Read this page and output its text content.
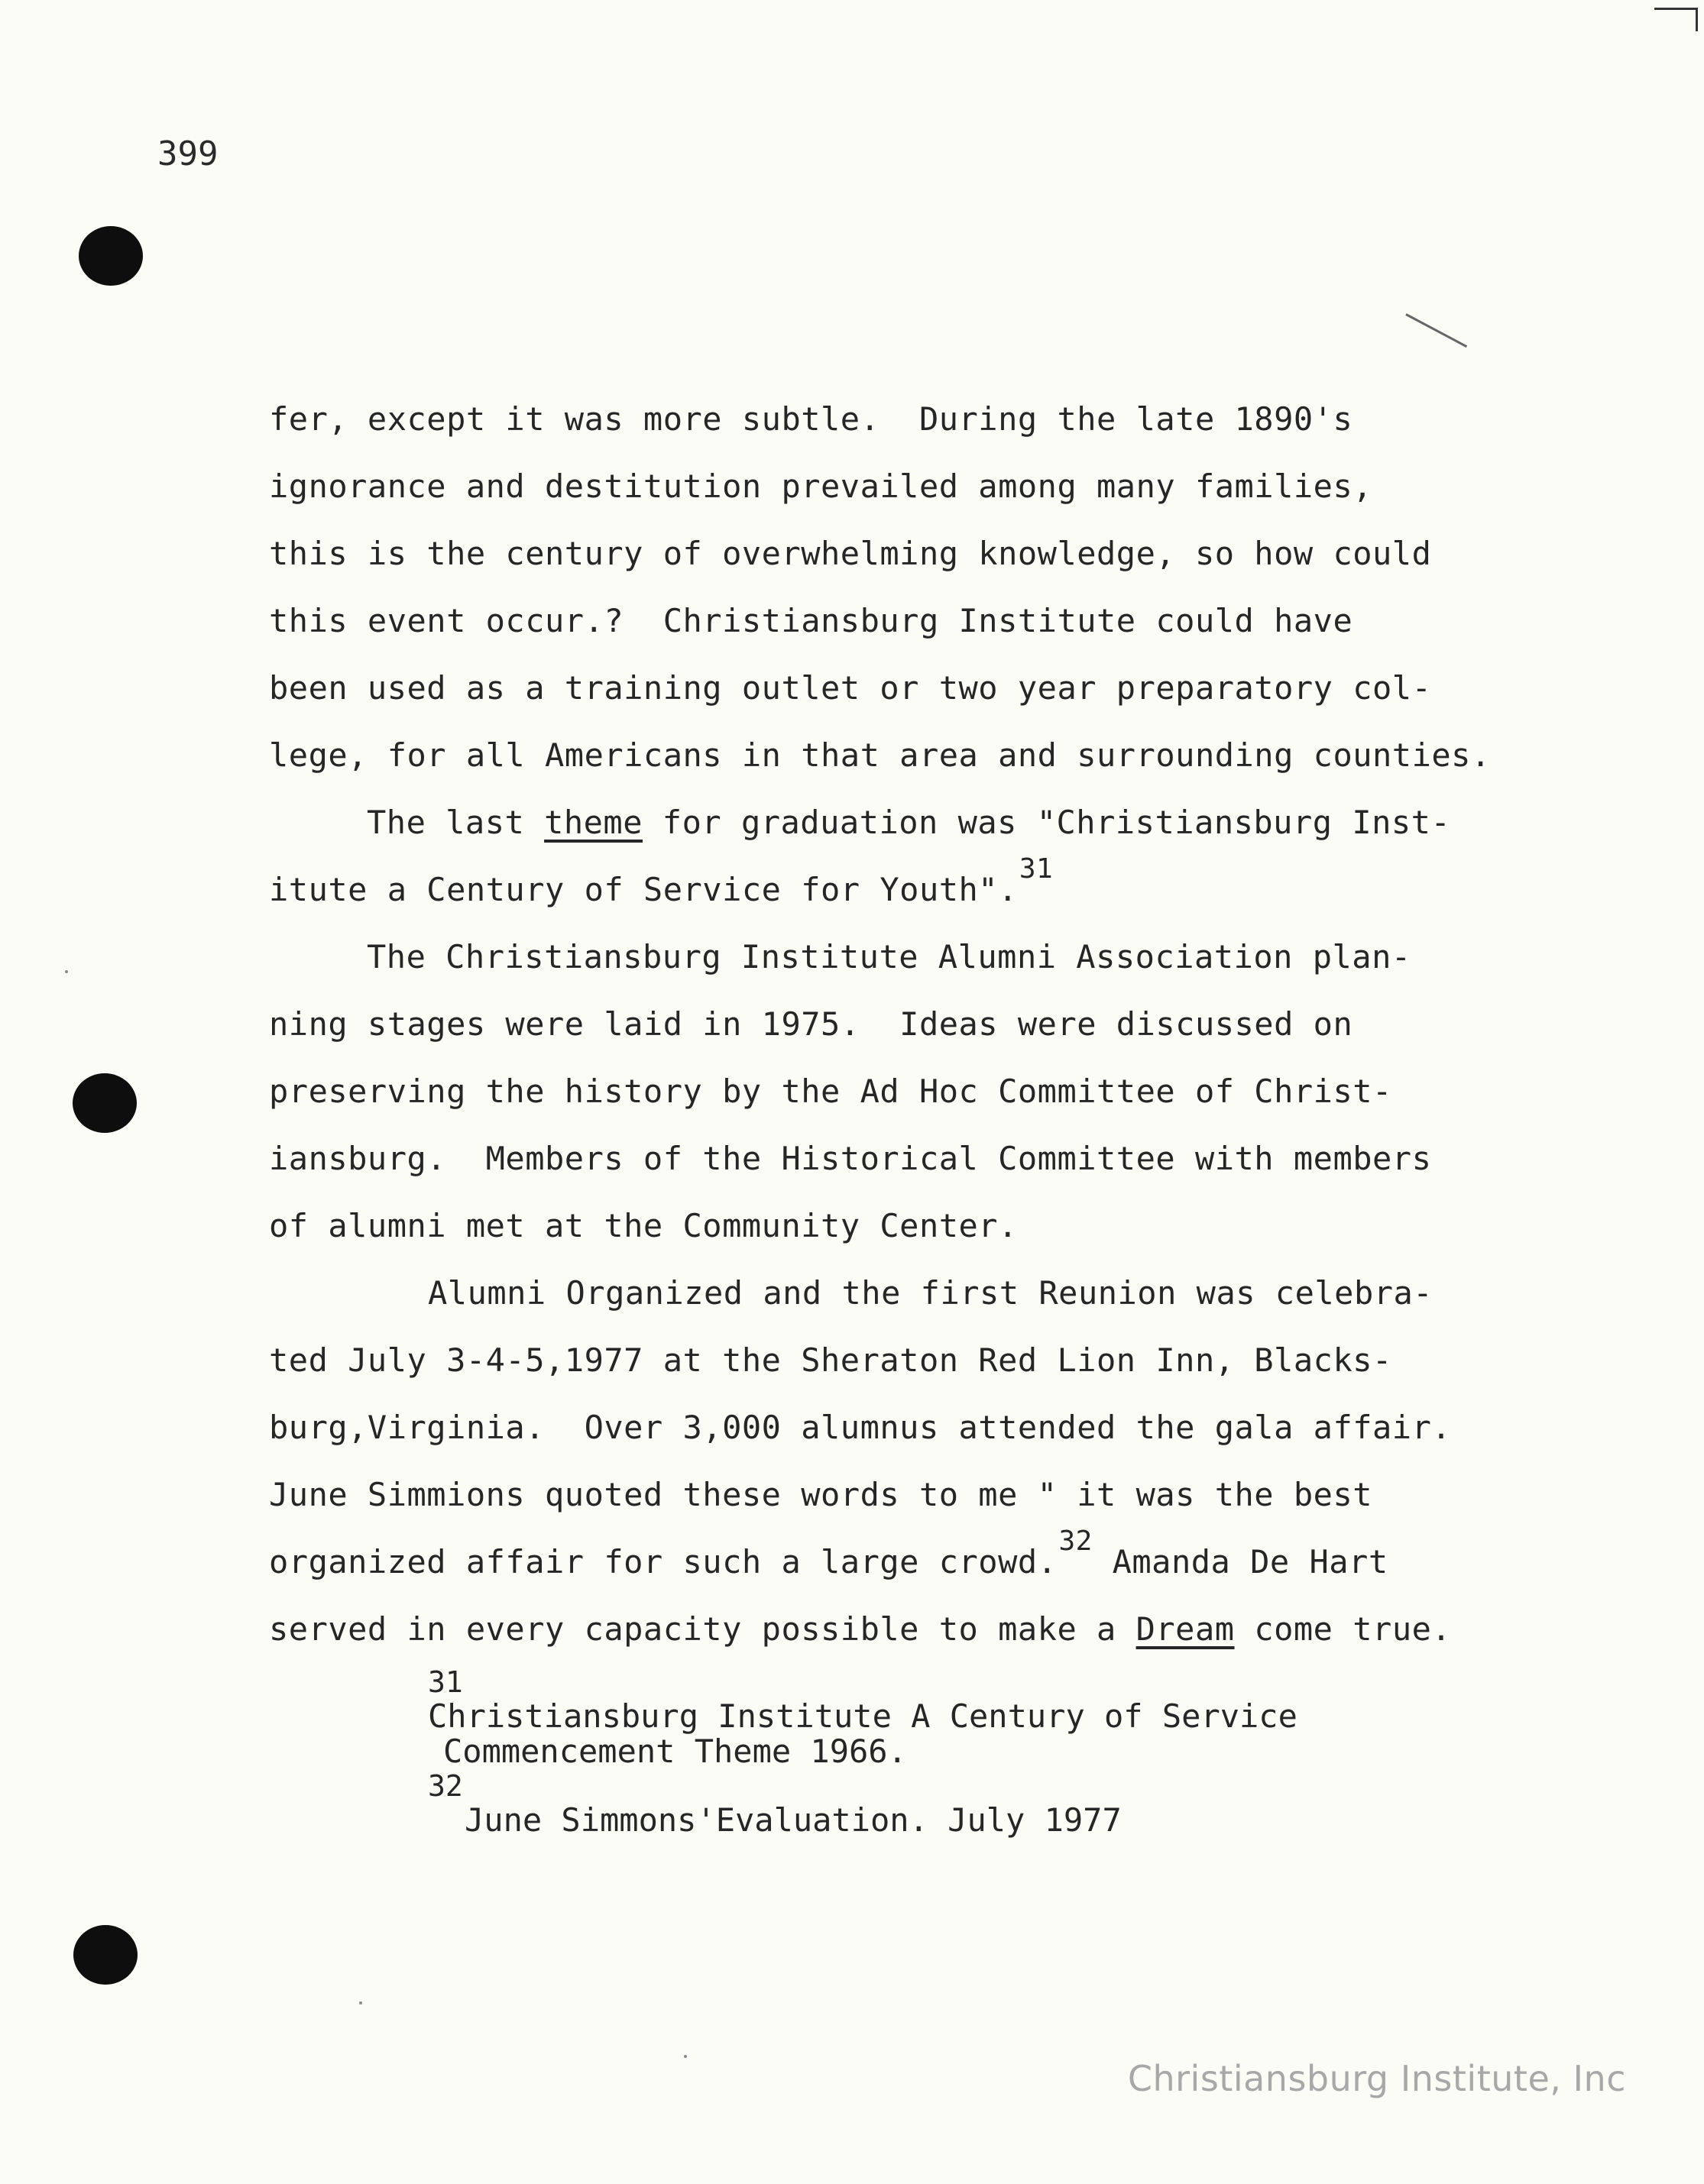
399
fer, except it was more subtle.  During the late 1890's
ignorance and destitution prevailed among many families,
this is the century of overwhelming knowledge, so how could
this event occur.?  Christiansburg Institute could have
been used as a training outlet or two year preparatory col-
lege, for all Americans in that area and surrounding counties.
The last theme for graduation was "Christiansburg Inst-
itute a Century of Service for Youth".31
The Christiansburg Institute Alumni Association plan-
ning stages were laid in 1975.  Ideas were discussed on
preserving the history by the Ad Hoc Committee of Christ-
iansburg.  Members of the Historical Committee with members
of alumni met at the Community Center.
Alumni Organized and the first Reunion was celebra-
ted July 3-4-5,1977 at the Sheraton Red Lion Inn, Blacks-
burg,Virginia.  Over 3,000 alumnus attended the gala affair.
June Simmions quoted these words to me " it was the best
organized affair for such a large crowd.32 Amanda De Hart
served in every capacity possible to make a Dream come true.
31
Christiansburg Institute A Century of Service
Commencement Theme 1966.
32
June Simmons'Evaluation. July 1977
Christiansburg Institute, Inc
